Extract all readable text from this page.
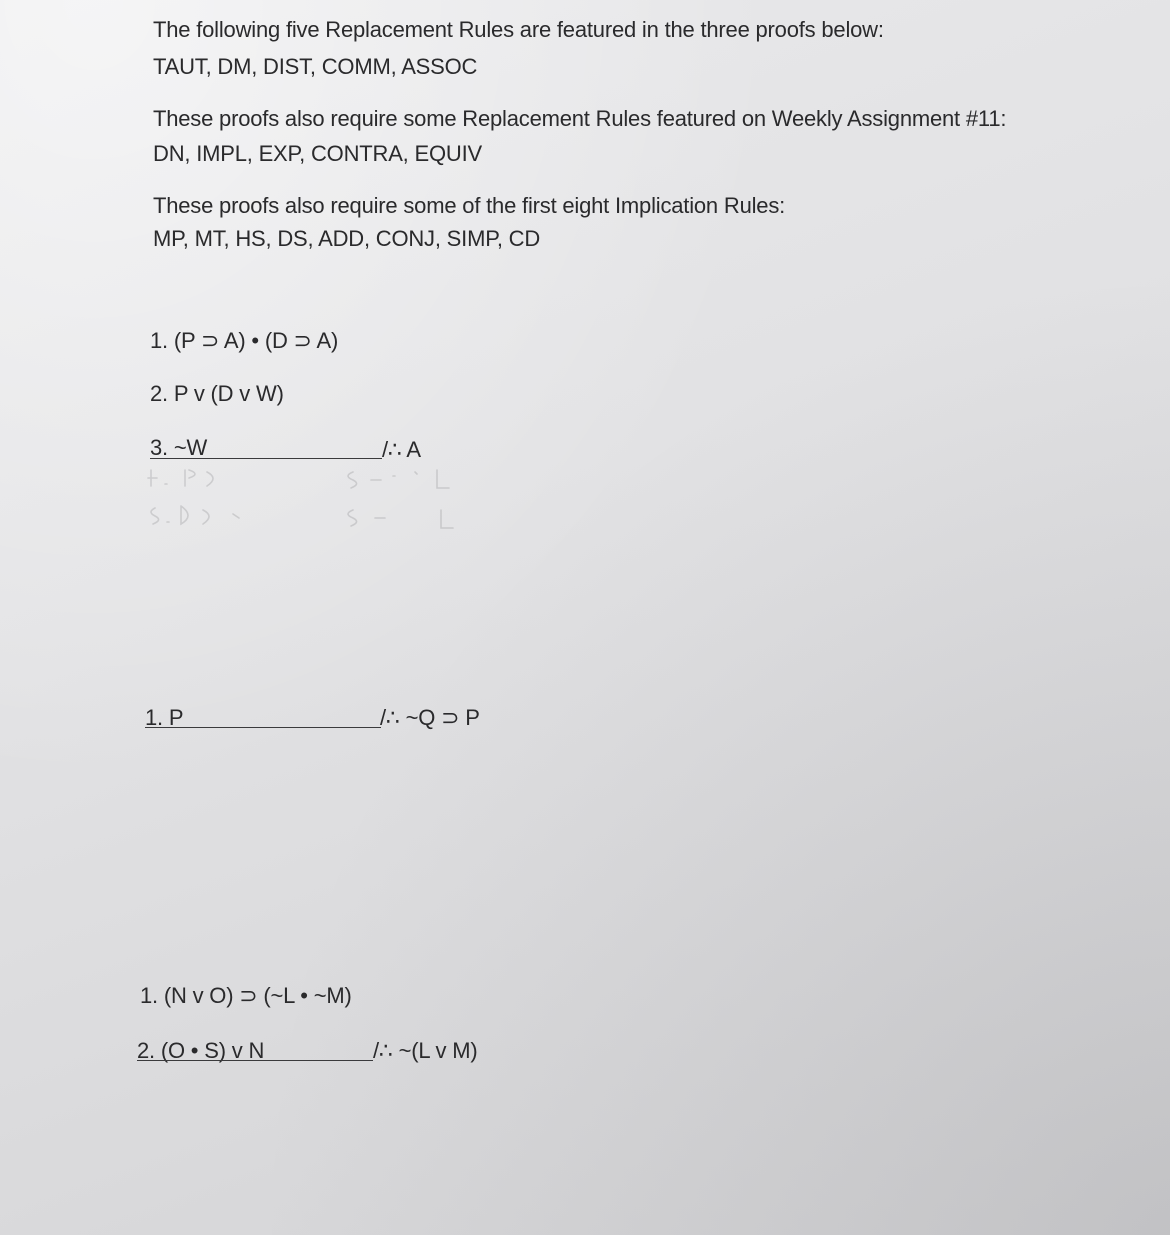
The following five Replacement Rules are featured in the three proofs below:
TAUT, DM, DIST, COMM, ASSOC
These proofs also require some Replacement Rules featured on Weekly Assignment #11:
DN, IMPL, EXP, CONTRA, EQUIV
These proofs also require some of the first eight Implication Rules:
MP, MT, HS, DS, ADD, CONJ, SIMP, CD
1. (P ⊃ A) • (D ⊃ A)
2. P v (D v W)
3. ~W	/∴ A
1. P	/∴ ~Q ⊃ P
1. (N v O) ⊃ (~L • ~M)
2. (O • S) v N	/∴ ~(L v M)
